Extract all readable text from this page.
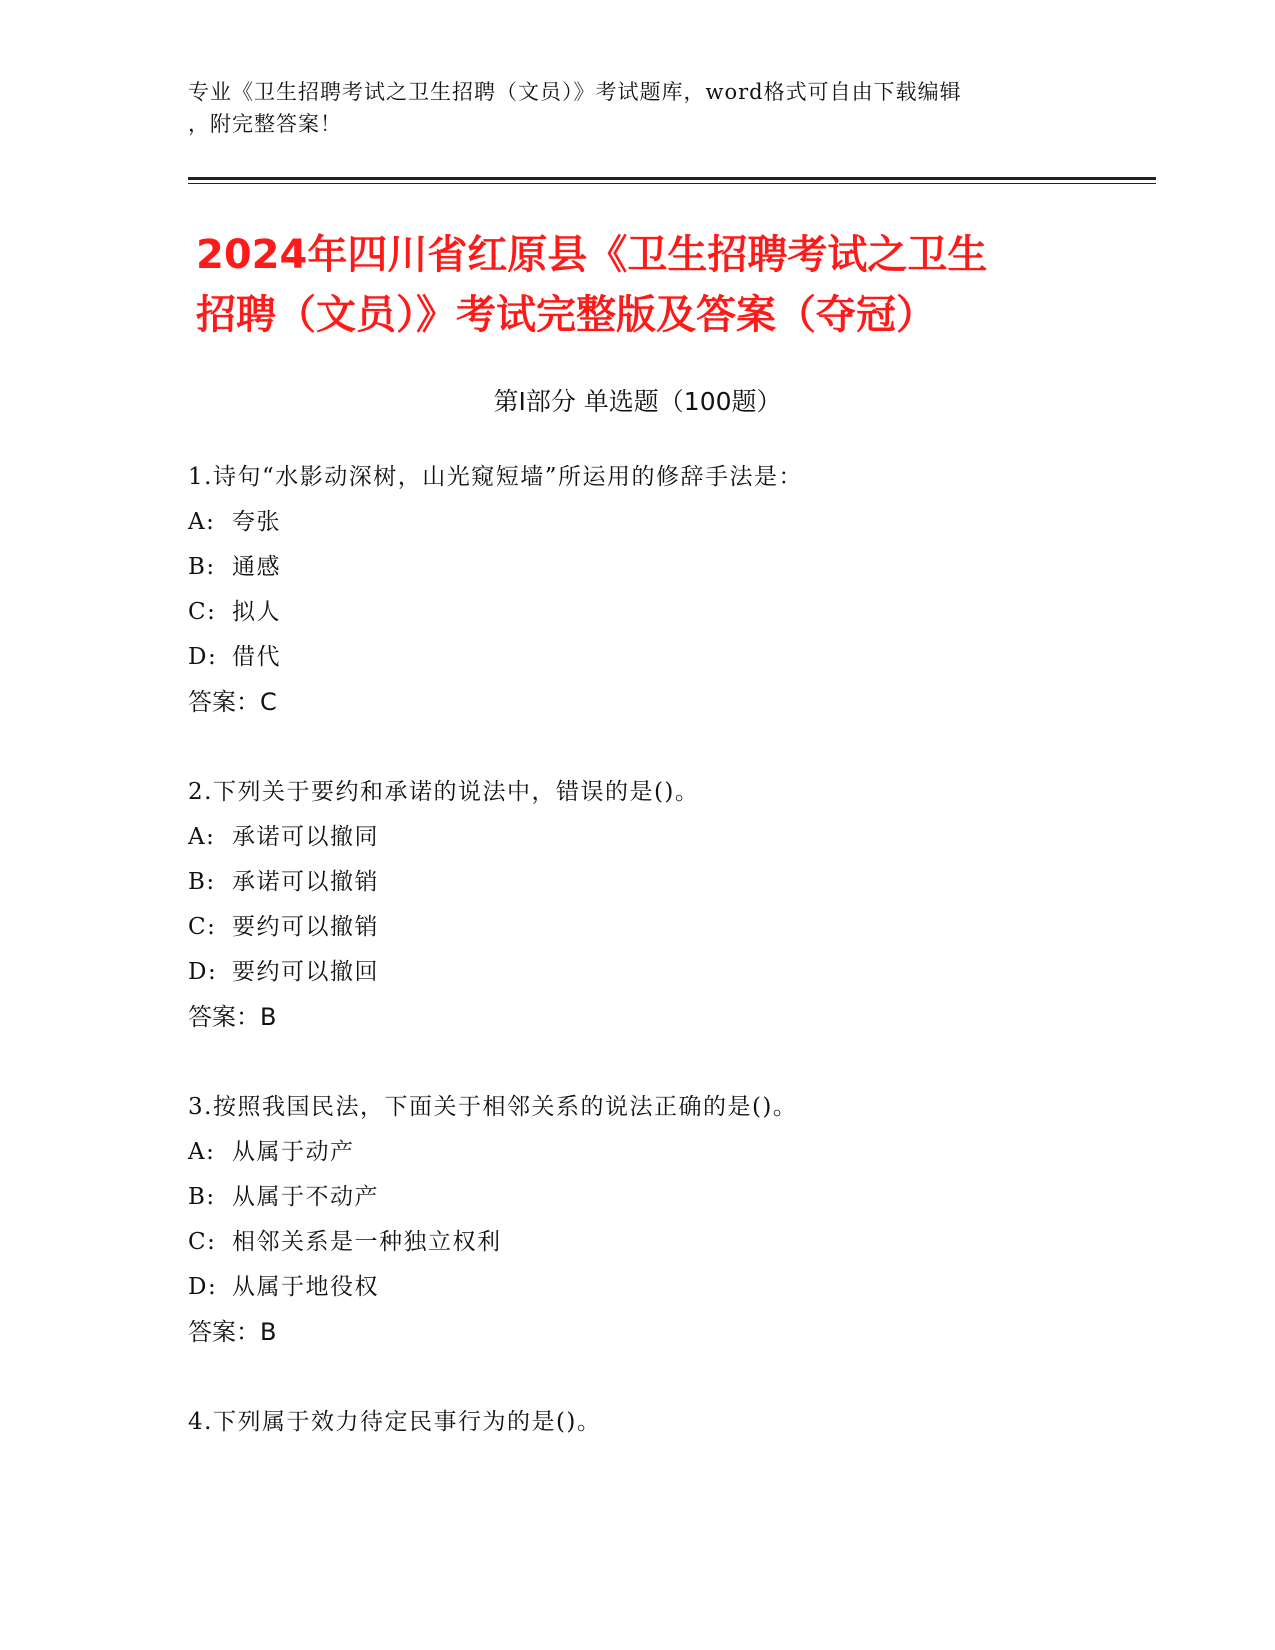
专业《卫生招聘考试之卫生招聘（文员）》考试题库，word格式可自由下载编辑
，附完整答案！
2024年四川省红原县《卫生招聘考试之卫生
招聘（文员）》考试完整版及答案（夺冠）
第Ⅰ部分 单选题（100题）
1.诗句“水影动深树，山光窥短墙”所运用的修辞手法是：
A: 夸张
B: 通感
C: 拟人
D: 借代
答案：C
2.下列关于要约和承诺的说法中，错误的是()。
A: 承诺可以撤同
B: 承诺可以撤销
C: 要约可以撤销
D: 要约可以撤回
答案：B
3.按照我国民法，下面关于相邻关系的说法正确的是()。
A: 从属于动产
B: 从属于不动产
C: 相邻关系是一种独立权利
D: 从属于地役权
答案：B
4.下列属于效力待定民事行为的是()。
